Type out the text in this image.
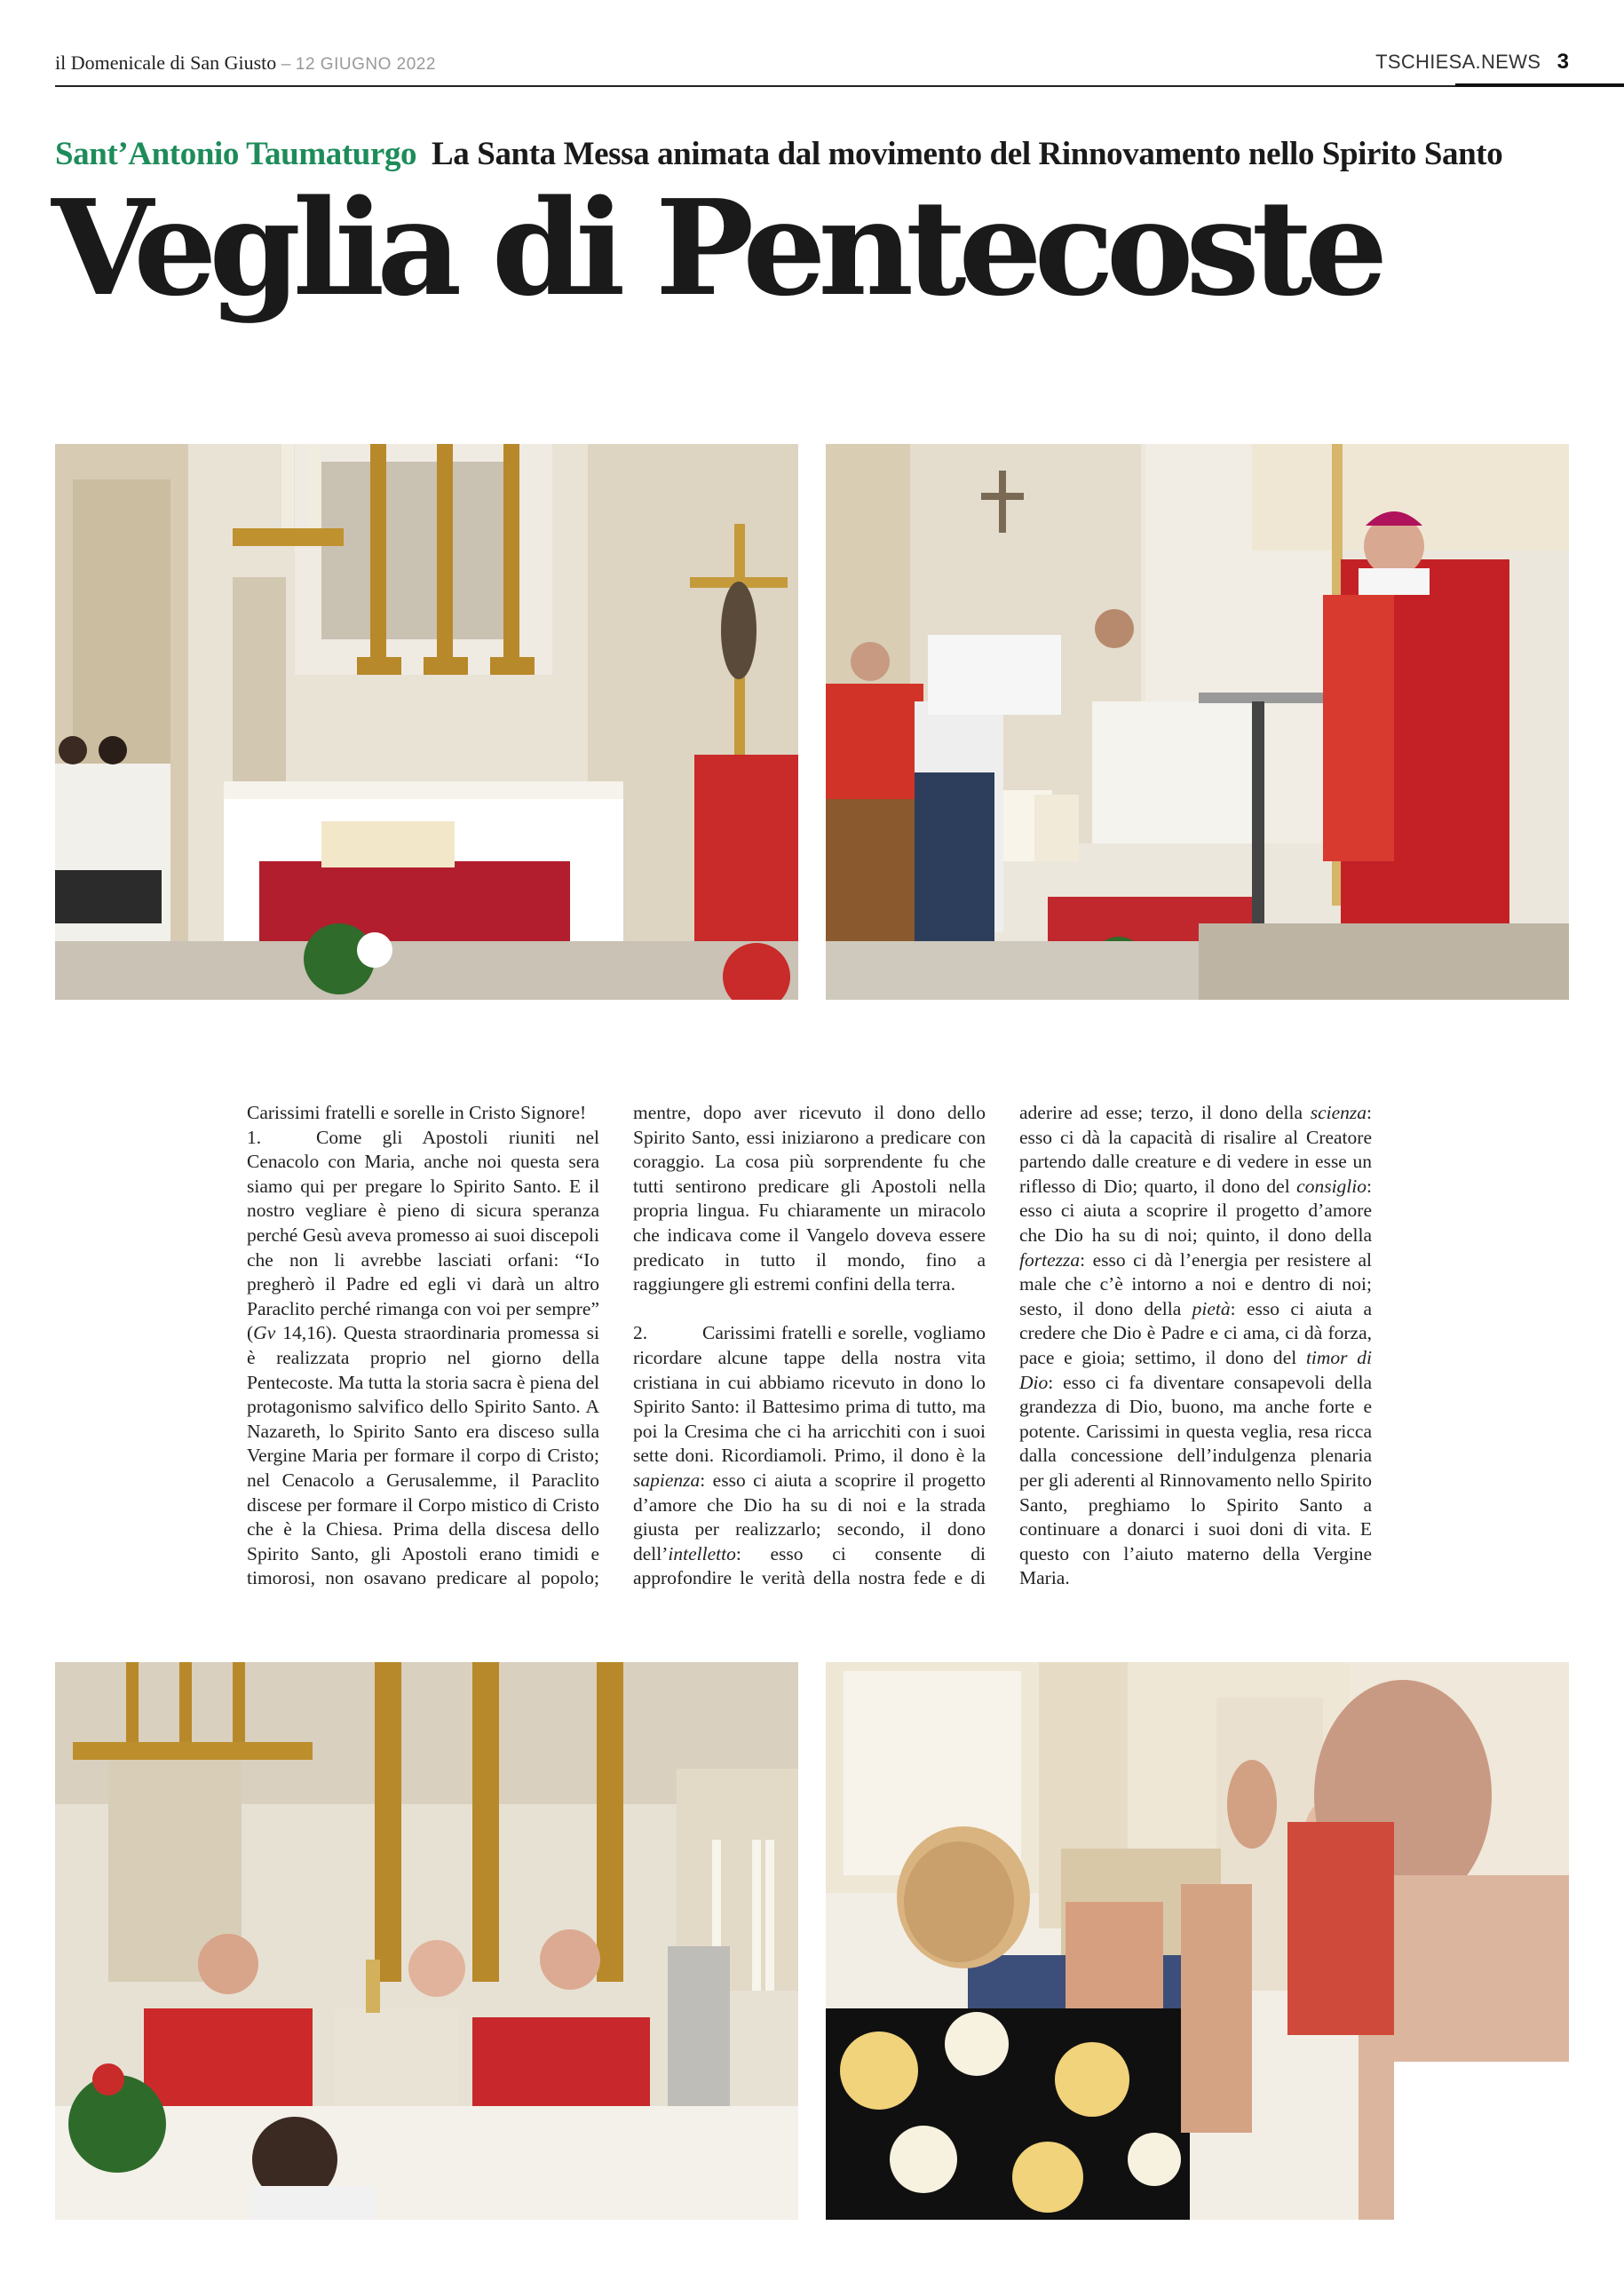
il Domenicale di San Giusto – 12 GIUGNO 2022	TSCHIESA.NEWS 3
Sant’Antonio Taumaturgo La Santa Messa animata dal movimento del Rinnovamento nello Spirito Santo
Veglia di Pentecoste

Carissimi fratelli e sorelle in Cristo Signore!

1.	Come gli Apostoli riuniti nel Cenacolo con Maria, anche noi questa sera siamo qui per pregare lo Spirito Santo. E il nostro vegliare è pieno di sicura speranza perché Gesù aveva promesso ai suoi discepoli che non li avrebbe lasciati orfani: “Io pregherò il Padre ed egli vi darà un altro Paraclito perché rimanga con voi per sempre” (Gv 14,16). Questa straordinaria promessa si è realizzata proprio nel giorno della Pentecoste. Ma tutta la storia sacra è piena del protagonismo salvifico dello Spirito Santo. A Nazareth, lo Spirito Santo era disceso sulla Vergine Maria per formare il corpo di Cristo; nel Cenacolo a Gerusalemme, il Paraclito discese per formare il Corpo mistico di Cristo che è la Chiesa. Prima della discesa dello Spirito Santo, gli Apostoli erano timidi e timorosi, non osavano predicare al popolo; mentre, dopo aver ricevuto il dono dello Spirito Santo, essi iniziarono a predicare con coraggio. La cosa più sorprendente fu che tutti sentirono predicare gli Apostoli nella propria lingua. Fu chiaramente un miracolo che indicava come il Vangelo doveva essere predicato in tutto il mondo, fino a raggiungere gli estremi confini della terra.

2.	Carissimi fratelli e sorelle, vogliamo ricordare alcune tappe della nostra vita cristiana in cui abbiamo ricevuto in dono lo Spirito Santo: il Battesimo prima di tutto, ma poi la Cresima che ci ha arricchiti con i suoi sette doni. Ricordiamoli. Primo, il dono è la sapienza: esso ci aiuta a scoprire il progetto d’amore che Dio ha su di noi e la strada giusta per realizzarlo; secondo, il dono dell’intelletto: esso ci consente di approfondire le verità della nostra fede e di aderire ad esse; terzo, il dono della scienza: esso ci dà la capacità di risalire al Creatore partendo dalle creature e di vedere in esse un riflesso di Dio; quarto, il dono del consiglio: esso ci aiuta a scoprire il progetto d’amore che Dio ha su di noi; quinto, il dono della fortezza: esso ci dà l’energia per resistere al male che c’è intorno a noi e dentro di noi; sesto, il dono della pietà: esso ci aiuta a credere che Dio è Padre e ci ama, ci dà forza, pace e gioia; settimo, il dono del timor di Dio: esso ci fa diventare consapevoli della grandezza di Dio, buono, ma anche forte e potente. Carissimi in questa veglia, resa ricca dalla concessione dell’indulgenza plenaria per gli aderenti al Rinnovamento nello Spirito Santo, preghiamo lo Spirito Santo a continuare a donarci i suoi doni di vita. E questo con l’aiuto materno della Vergine Maria.
